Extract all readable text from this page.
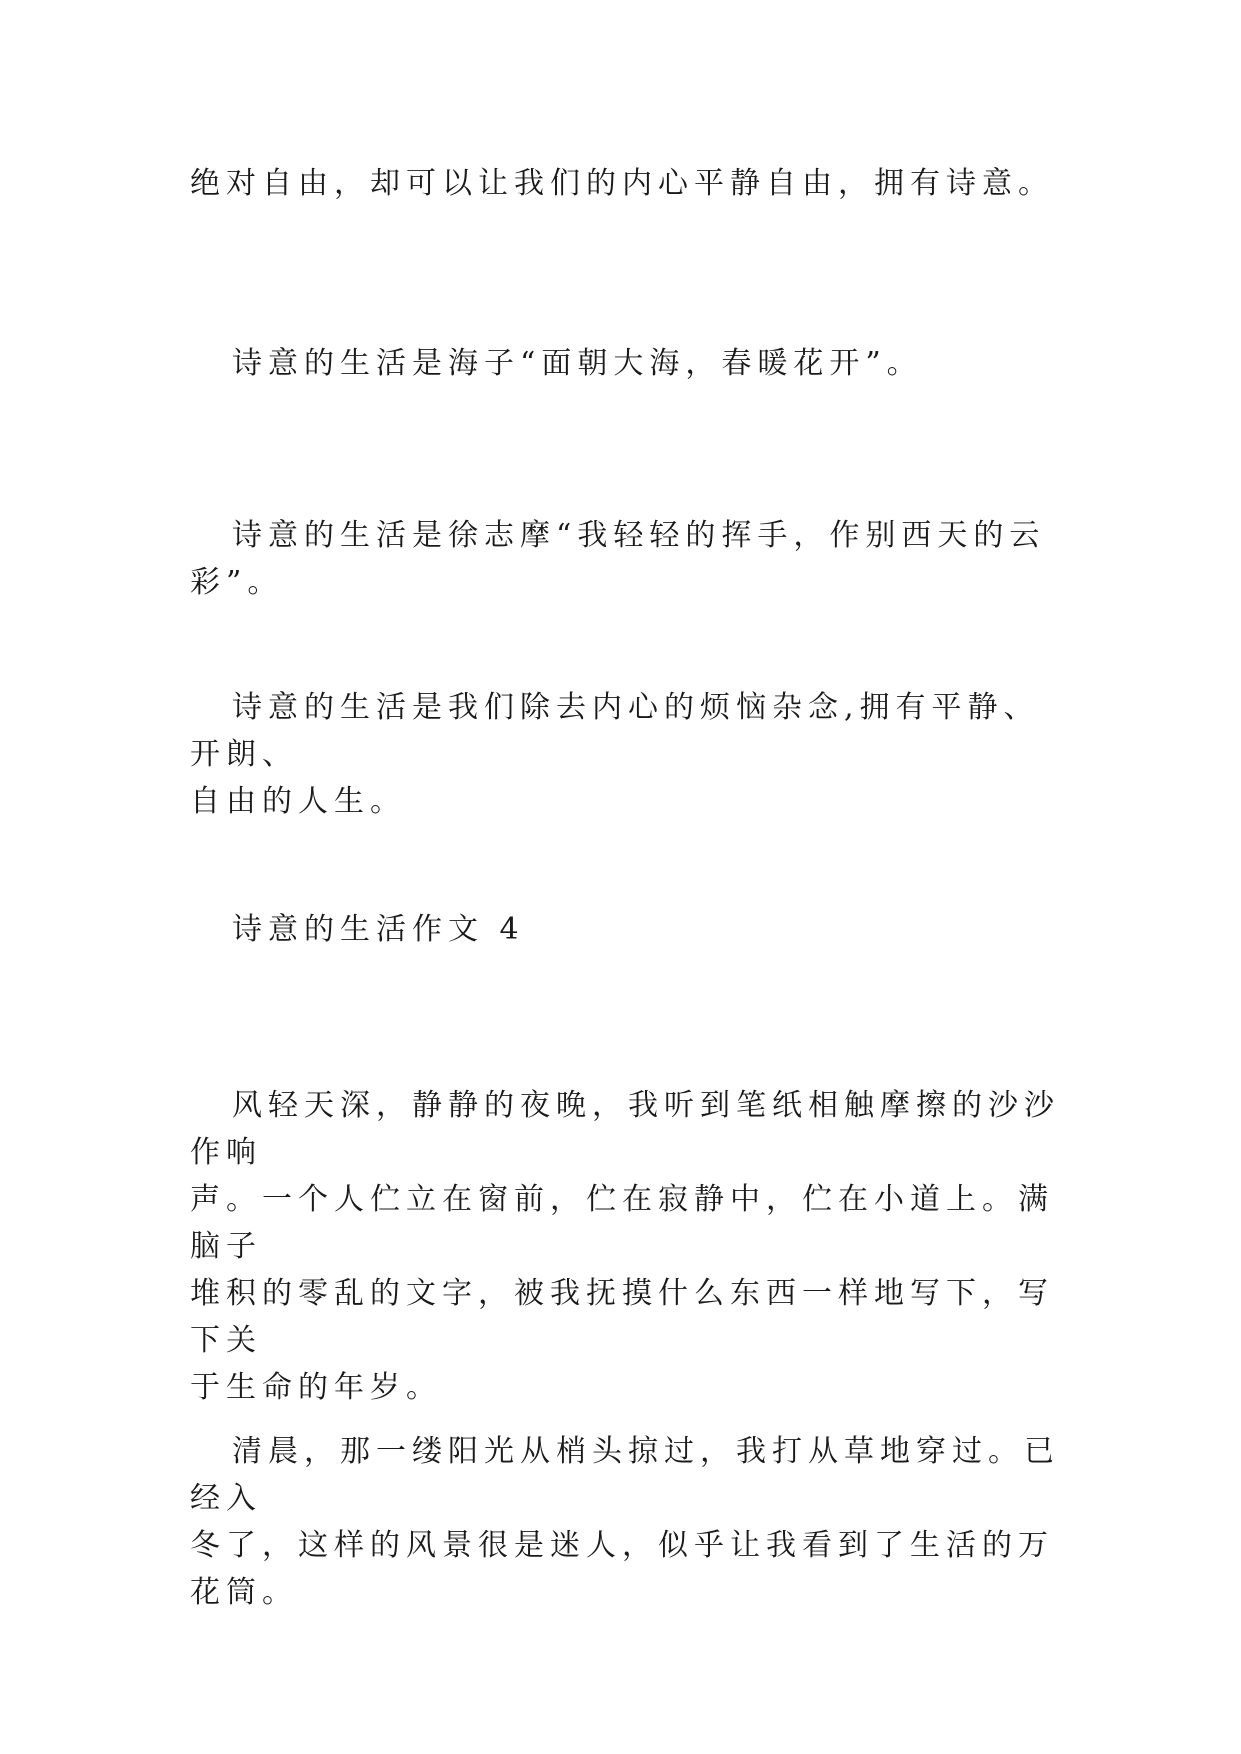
绝对自由，却可以让我们的内心平静自由，拥有诗意。

诗意的生活是海子“面朝大海，春暖花开”。

诗意的生活是徐志摩“我轻轻的挥手，作别西天的云彩”。

诗意的生活是我们除去内心的烦恼杂念,拥有平静、开朗、
自由的人生。

诗意的生活作文 4

风轻天深，静静的夜晚，我听到笔纸相触摩擦的沙沙作响
声。一个人伫立在窗前，伫在寂静中，伫在小道上。满脑子
堆积的零乱的文字，被我抚摸什么东西一样地写下，写下关
于生命的年岁。

清晨，那一缕阳光从梢头掠过，我打从草地穿过。已经入
冬了，这样的风景很是迷人，似乎让我看到了生活的万花筒。
